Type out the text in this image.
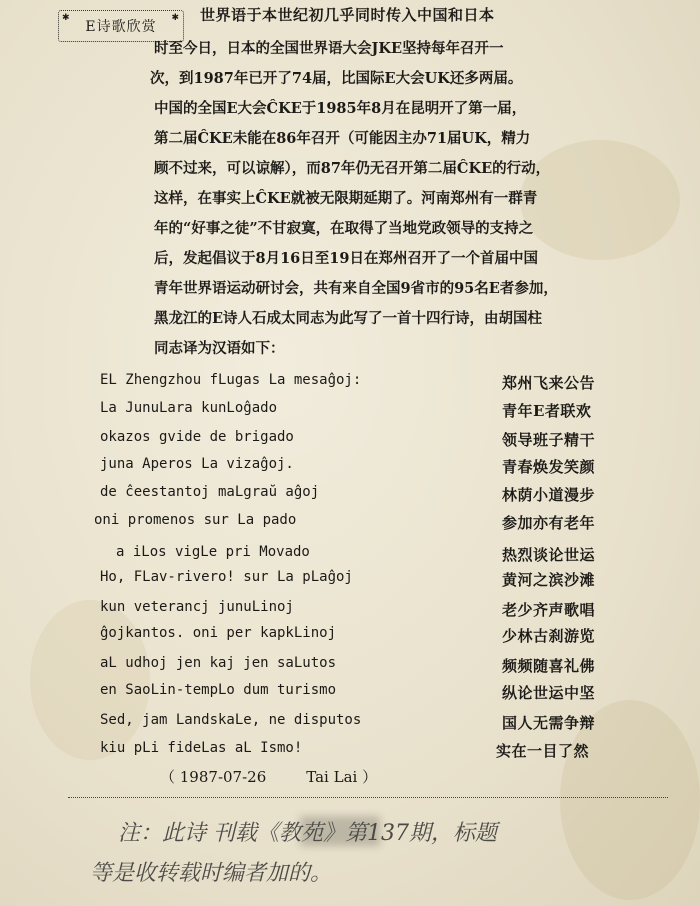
✱	✱
E诗歌欣赏
世界语于本世纪初几乎同时传入中国和日本
时至今日，日本的全国世界语大会JKE坚持每年召开一
次，到1987年已开了74届，比国际E大会UK还多两届。
中国的全国E大会ĈKE于1985年8月在昆明开了第一届，
第二届ĈKE未能在86年召开（可能因主办71届UK，精力
顾不过来，可以谅解），而87年仍无召开第二届ĈKE的行动，
这样，在事实上ĈKE就被无限期延期了。河南郑州有一群青
年的“好事之徒”不甘寂寞，在取得了当地党政领导的支持之
后，发起倡议于8月16日至19日在郑州召开了一个首届中国
青年世界语运动研讨会，共有来自全国9省市的95名E者参加，
黑龙江的E诗人石成太同志为此写了一首十四行诗，由胡国柱
同志译为汉语如下：
EL Zhengzhou fLugas La mesaĝoj:	郑州飞来公告
La JunuLara kunLoĝado	青年E者联欢
okazos gvide de brigado	领导班子精干
juna Aperos La vizaĝoj.	青春焕发笑颜
de ĉeestantoj maLgraŭ aĝoj	林荫小道漫步
oni promenos sur La pado	参加亦有老年
a iLos vigLe pri Movado	热烈谈论世运
Ho, FLav-rivero! sur La pLaĝoj	黄河之滨沙滩
kun veterancj junuLinoj	老少齐声歌唱
ĝojkantos. oni per kapkLinoj	少林古刹游览
aL udhoj jen kaj jen saLutos	频频随喜礼佛
en SaoLin-tempLo dum turismo	纵论世运中坚
Sed, jam LandskaLe, ne disputos	国人无需争辩
kiu pLi fideLas aL Ismo!	实在一目了然
（ 1987-07-26	Tai Lai ）
注：此诗 刊载《教苑》第137期，标题
等是收转载时编者加的。
